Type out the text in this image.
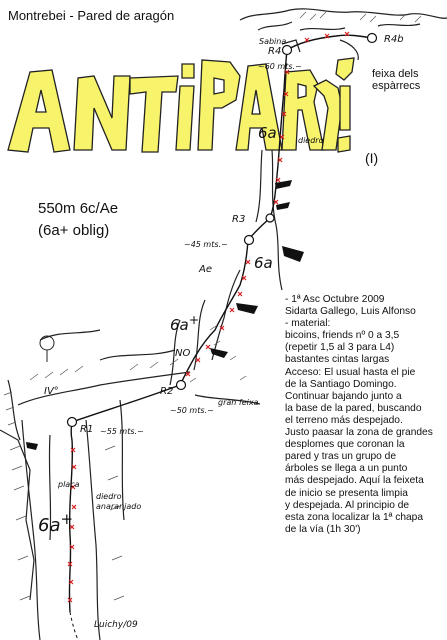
Montrebei - Pared de aragón
550m 6c/Ae
(6a+ oblig)
(I)
feixa dels
espàrrecs
R4b
R4
Sabina
~60 mts.~
6a	diedro
R3
~45 mts.~
6a
Ae
6a+
NO
R2
~50 mts.~
gran feixa
IV°
R1 ~55 mts.~
placa
diedro
anaranjado
6a+
Luichy/09
- 1ª Asc Octubre 2009
Sidarta Gallego, Luis Alfonso
- material:
bicoins, friends nº 0 a 3,5
(repetir 1,5 al 3 para L4)
bastantes cintas largas
Acceso: El usual hasta el pie
de la Santiago Domingo.
Continuar bajando junto a
la base de la pared, buscando
el terreno más despejado.
Justo paasar la zona de grandes
desplomes que coronan la
pared y tras un grupo de
árboles se llega a un punto
más despejado. Aquí la feixeta
de inicio se presenta limpia
y despejada. Al principio de
esta zona localizar la 1ª chapa
de la vía (1h 30')
